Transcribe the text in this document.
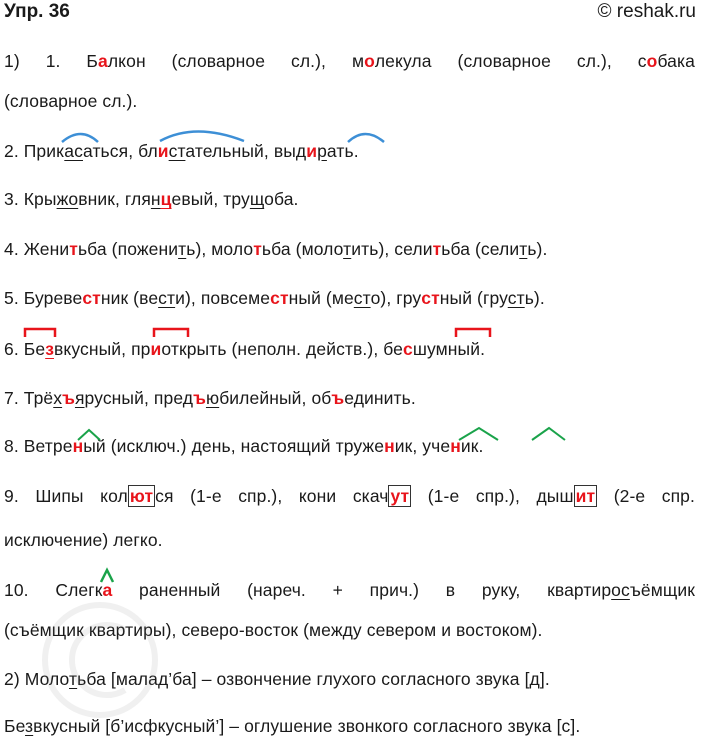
Упр. 36	© reshak.ru
1) 1. Балкон (словарное сл.), молекула (словарное сл.), собака
(словарное сл.).
2. Прикасаться, блистательный, выдирать.
3. Крыжовник, глянцевый, трущоба.
4. Женитьба (поженить), молотьба (молотить), селитьба (селить).
5. Буревестник (вести), повсеместный (место), грустный (грусть).
6. Безвкусный, приоткрыть (неполн. действ.), бесшумный.
7. Трёхъярусный, предъюбилейный, объединить.
8. Ветреный (исключ.) день, настоящий труженик, ученик.
9. Шипы кол ют ся (1-е спр.), кони скач ут (1-е спр.), дыш ит (2-е спр.
исключение) легко.
10. Слегка раненный (нареч. + прич.) в руку, квартиросъёмщик
(съёмщик квартиры), северо-восток (между севером и востоком).
2) Молотьба [малад’ба] – озвончение глухого согласного звука [д].
Безвкусный [б’исфкусный’] – оглушение звонкого согласного звука [с].
